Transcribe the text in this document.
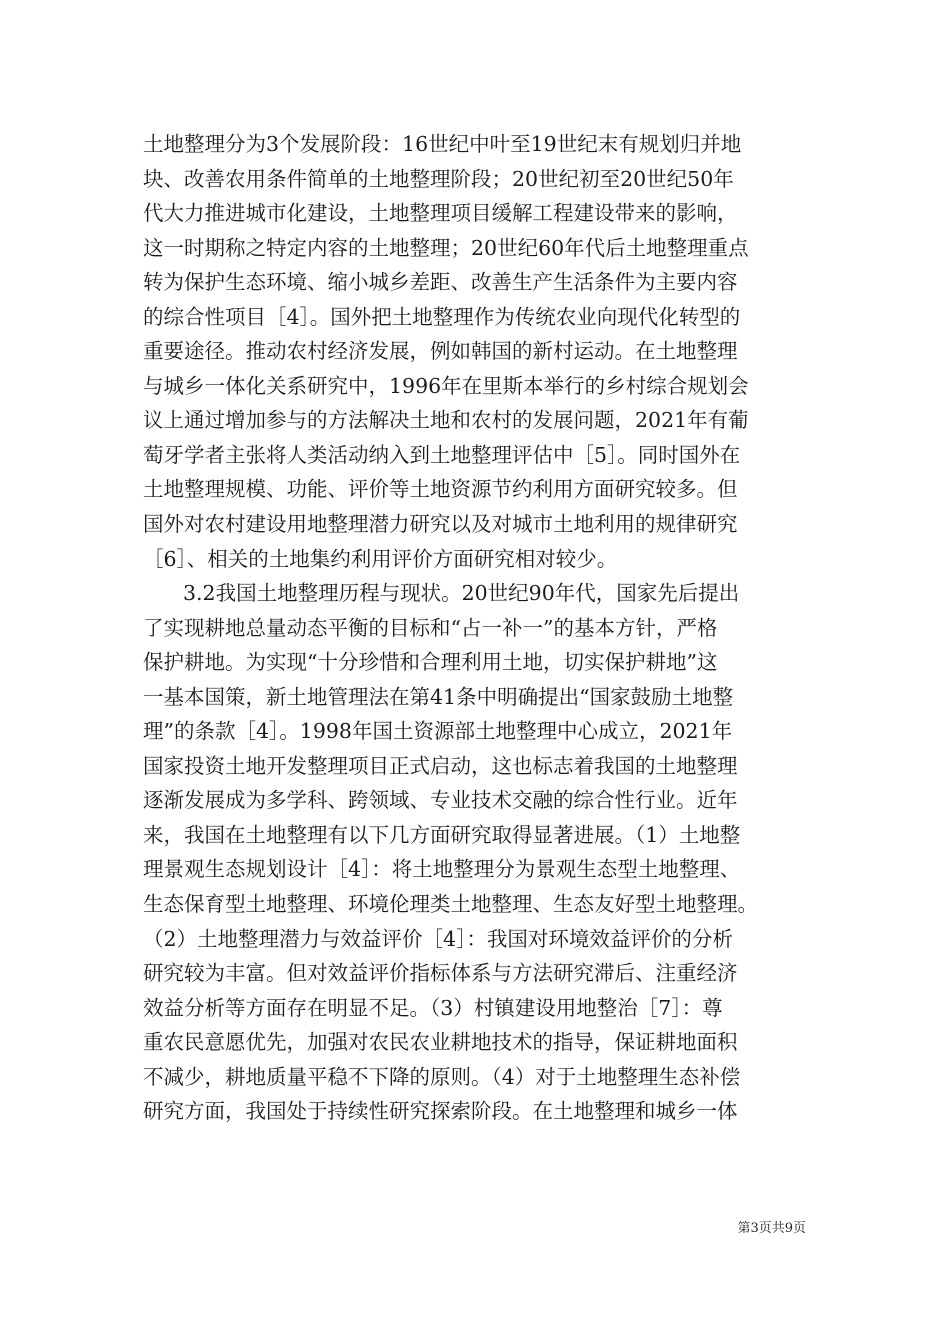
土地整理分为3个发展阶段：16世纪中叶至19世纪末有规划归并地
块、改善农用条件简单的土地整理阶段；20世纪初至20世纪50年
代大力推进城市化建设，土地整理项目缓解工程建设带来的影响，
这一时期称之特定内容的土地整理；20世纪60年代后土地整理重点
转为保护生态环境、缩小城乡差距、改善生产生活条件为主要内容
的综合性项目［4］。国外把土地整理作为传统农业向现代化转型的
重要途径。推动农村经济发展，例如韩国的新村运动。在土地整理
与城乡一体化关系研究中，1996年在里斯本举行的乡村综合规划会
议上通过增加参与的方法解决土地和农村的发展问题，2021年有葡
萄牙学者主张将人类活动纳入到土地整理评估中［5］。同时国外在
土地整理规模、功能、评价等土地资源节约利用方面研究较多。但
国外对农村建设用地整理潜力研究以及对城市土地利用的规律研究
［6］、相关的土地集约利用评价方面研究相对较少。
3.2我国土地整理历程与现状。20世纪90年代，国家先后提出
了实现耕地总量动态平衡的目标和“占一补一”的基本方针，严格
保护耕地。为实现“十分珍惜和合理利用土地，切实保护耕地”这
一基本国策，新土地管理法在第41条中明确提出“国家鼓励土地整
理”的条款［4］。1998年国土资源部土地整理中心成立，2021年
国家投资土地开发整理项目正式启动，这也标志着我国的土地整理
逐渐发展成为多学科、跨领域、专业技术交融的综合性行业。近年
来，我国在土地整理有以下几方面研究取得显著进展。（1）土地整
理景观生态规划设计［4］：将土地整理分为景观生态型土地整理、
生态保育型土地整理、环境伦理类土地整理、生态友好型土地整理。
（2）土地整理潜力与效益评价［4］：我国对环境效益评价的分析
研究较为丰富。但对效益评价指标体系与方法研究滞后、注重经济
效益分析等方面存在明显不足。（3）村镇建设用地整治［7］：尊
重农民意愿优先，加强对农民农业耕地技术的指导，保证耕地面积
不减少，耕地质量平稳不下降的原则。（4）对于土地整理生态补偿
研究方面，我国处于持续性研究探索阶段。在土地整理和城乡一体
第3页共9页
